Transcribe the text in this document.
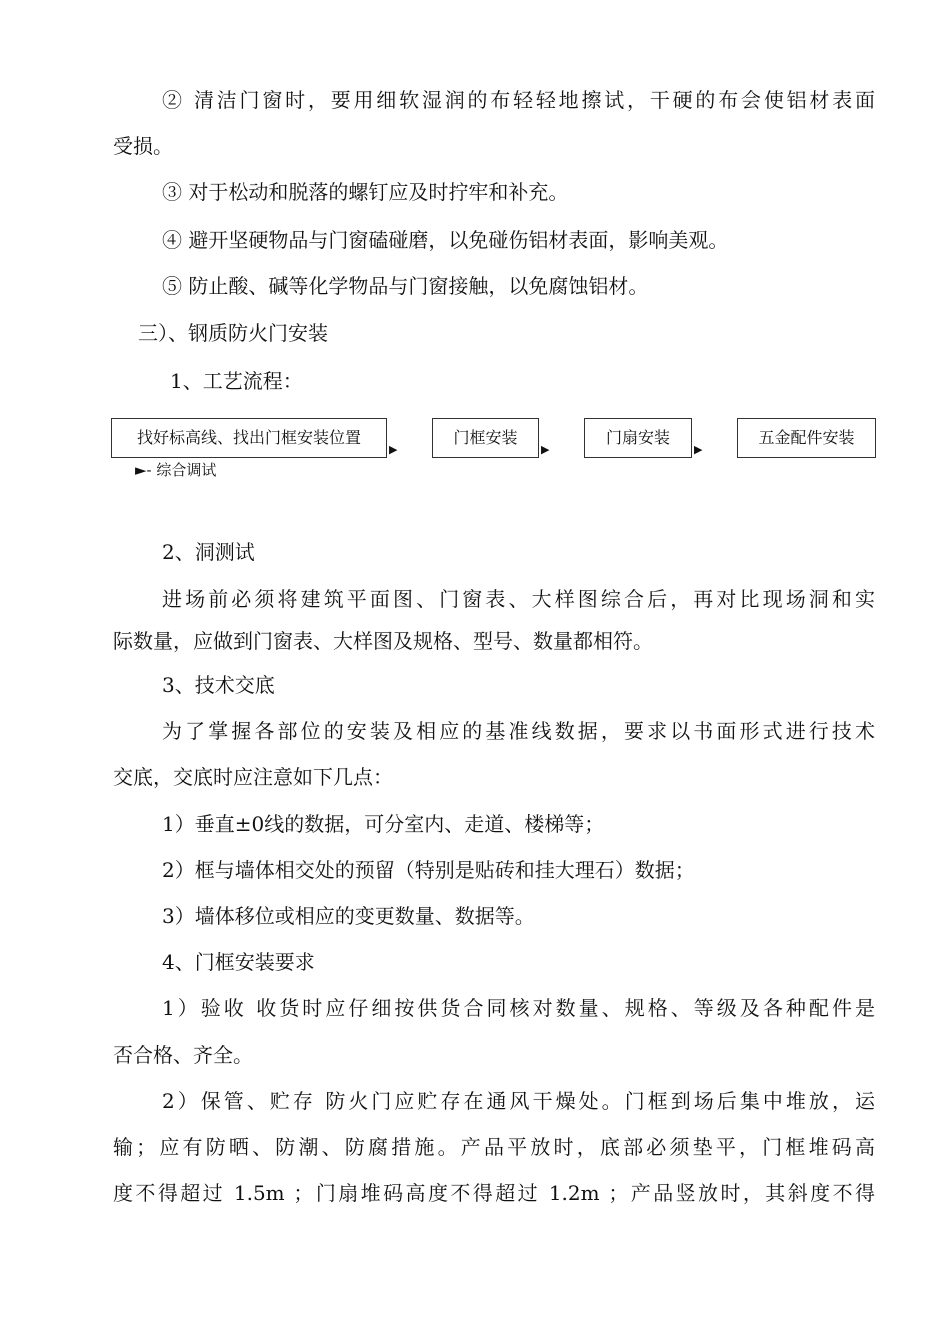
② 清洁门窗时，要用细软湿润的布轻轻地擦试，干硬的布会使铝材表面
受损。
③ 对于松动和脱落的螺钉应及时拧牢和补充。
④ 避开坚硬物品与门窗磕碰磨，以免碰伤铝材表面，影响美观。
⑤ 防止酸、碱等化学物品与门窗接触，以免腐蚀铝材。
三）、钢质防火门安装
1、工艺流程：
找好标高线、找出门框安装位置
▶
门框安装
▶
门扇安装
▶
五金配件安装
►- 综合调试
2、洞测试
进场前必须将建筑平面图、门窗表、大样图综合后，再对比现场洞和实
际数量，应做到门窗表、大样图及规格、型号、数量都相符。
3、技术交底
为了掌握各部位的安装及相应的基准线数据，要求以书面形式进行技术
交底，交底时应注意如下几点：
1）垂直±0线的数据，可分室内、走道、楼梯等；
2）框与墙体相交处的预留（特别是贴砖和挂大理石）数据；
3）墙体移位或相应的变更数量、数据等。
4、门框安装要求
1）验收 收货时应仔细按供货合同核对数量、规格、等级及各种配件是
否合格、齐全。
2）保管、贮存 防火门应贮存在通风干燥处。门框到场后集中堆放，运
输；应有防晒、防潮、防腐措施。产品平放时，底部必须垫平，门框堆码高
度不得超过 1.5m ；门扇堆码高度不得超过 1.2m ；产品竖放时，其斜度不得
